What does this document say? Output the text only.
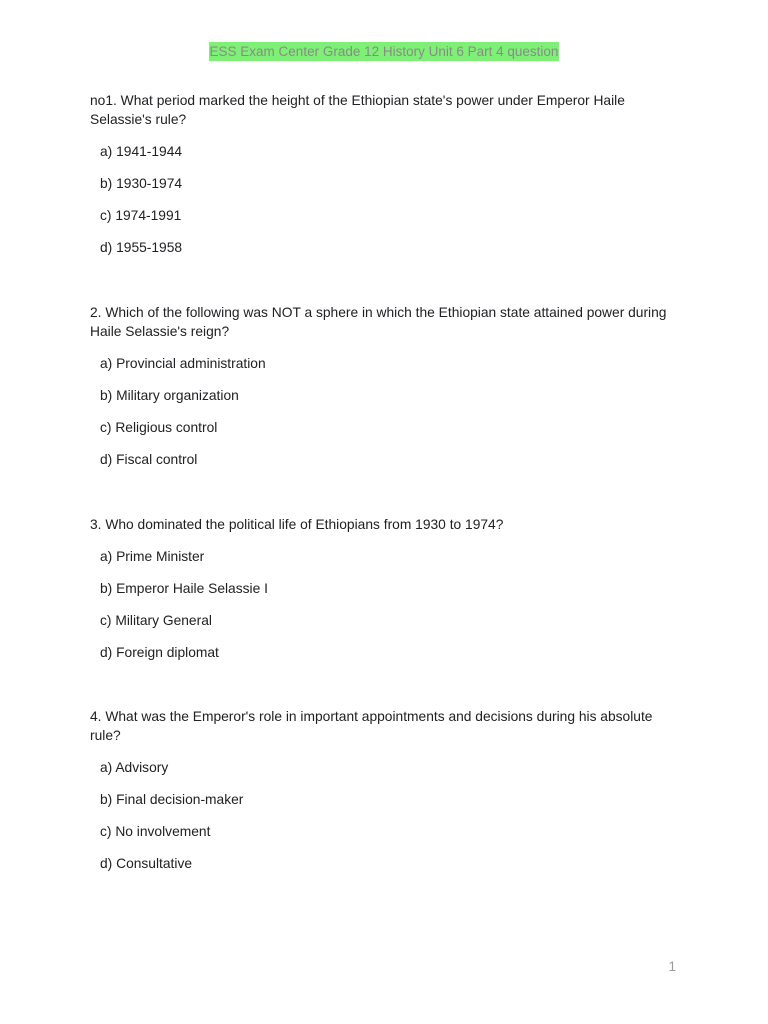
ESS Exam Center Grade 12 History Unit 6 Part 4 question

no1. What period marked the height of the Ethiopian state's power under Emperor Haile Selassie's rule?

a) 1941-1944
b) 1930-1974
c) 1974-1991
d) 1955-1958

2. Which of the following was NOT a sphere in which the Ethiopian state attained power during Haile Selassie's reign?

a) Provincial administration
b) Military organization
c) Religious control
d) Fiscal control

3. Who dominated the political life of Ethiopians from 1930 to 1974?

a) Prime Minister
b) Emperor Haile Selassie I
c) Military General
d) Foreign diplomat

4. What was the Emperor's role in important appointments and decisions during his absolute rule?

a) Advisory
b) Final decision-maker
c) No involvement
d) Consultative
1
